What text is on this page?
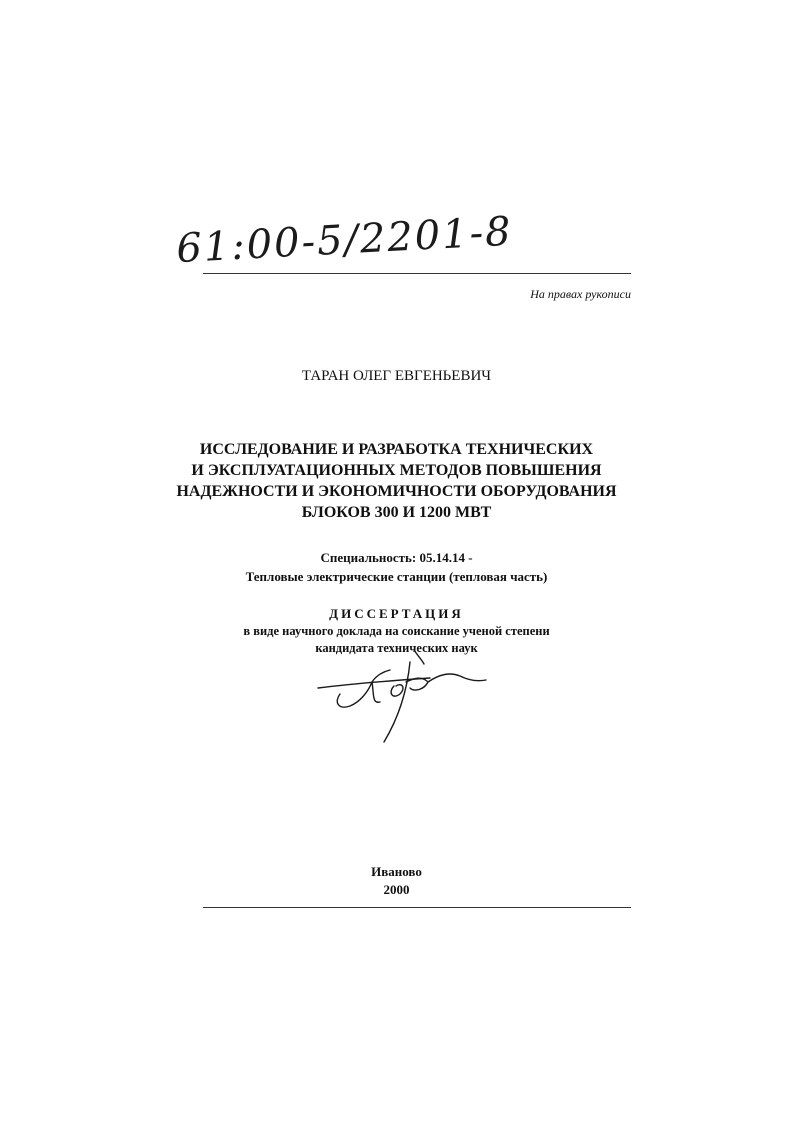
61:00-5/2201-8

На правах рукописи

ТАРАН ОЛЕГ ЕВГЕНЬЕВИЧ

ИССЛЕДОВАНИЕ И РАЗРАБОТКА ТЕХНИЧЕСКИХ
И ЭКСПЛУАТАЦИОННЫХ МЕТОДОВ ПОВЫШЕНИЯ
НАДЕЖНОСТИ И ЭКОНОМИЧНОСТИ ОБОРУДОВАНИЯ
БЛОКОВ 300 И 1200 МВТ

Специальность: 05.14.14 -
Тепловые электрические станции (тепловая часть)

ДИССЕРТАЦИЯ

в виде научного доклада на соискание ученой степени
кандидата технических наук

Иваново
2000
